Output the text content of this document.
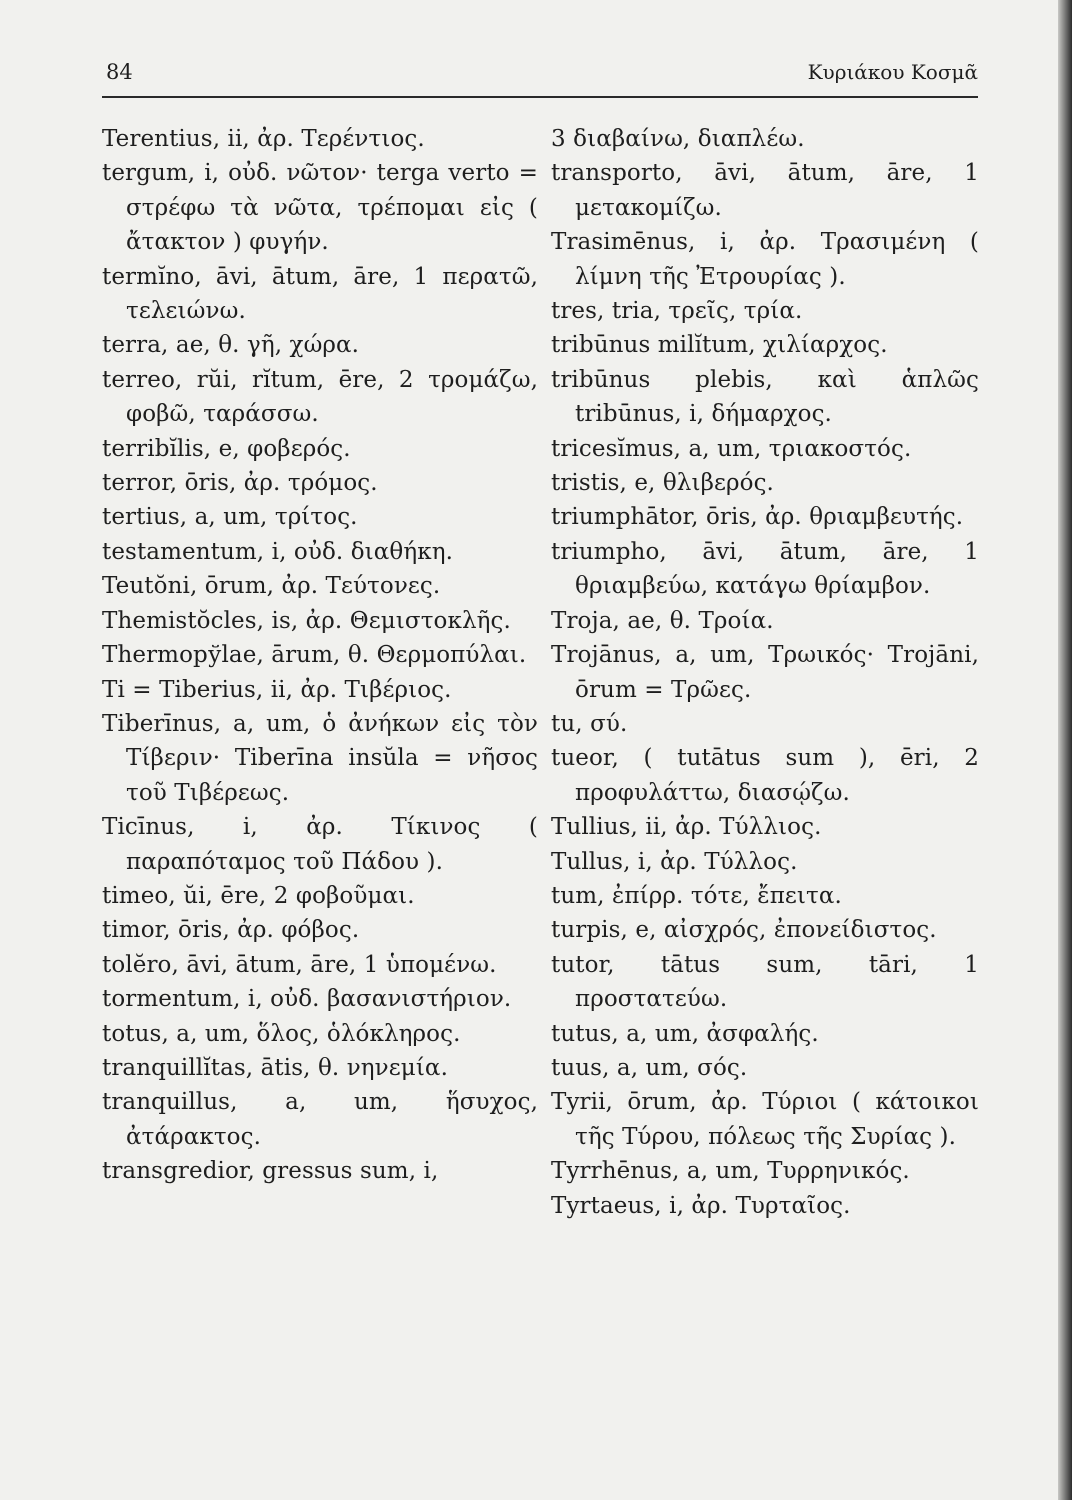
84	Κυριάκου Κοσμᾶ
Terentius, ii, ἀρ. Τερέντιος.
tergum, i, οὐδ. νῶτον· terga verto = στρέφω τὰ νῶτα, τρέπομαι εἰς ( ἄτακτον ) φυγήν.
termĭno, āvi, ātum, āre, 1 περατῶ, τελειώνω.
terra, ae, θ. γῆ, χώρα.
terreo, rŭi, rĭtum, ēre, 2 τρομάζω, φοβῶ, ταράσσω.
terribĭlis, e, φοβερός.
terror, ōris, ἀρ. τρόμος.
tertius, a, um, τρίτος.
testamentum, i, οὐδ. διαθήκη.
Teutŏni, ōrum, ἀρ. Τεύτονες.
Themistŏcles, is, ἀρ. Θεμιστοκλῆς.
Thermopўlae, ārum, θ. Θερμοπύλαι.
Ti = Tiberius, ii, ἀρ. Τιβέριος.
Tiberīnus, a, um, ὁ ἀνήκων εἰς τὸν Τίβεριν· Tiberīna insŭla = νῆσος τοῦ Τιβέρεως.
Ticīnus, i, ἀρ. Τίκινος ( παραπόταμος τοῦ Πάδου ).
timeo, ŭi, ēre, 2 φοβοῦμαι.
timor, ōris, ἀρ. φόβος.
tolĕro, āvi, ātum, āre, 1 ὑπομένω.
tormentum, i, οὐδ. βασανιστήριον.
totus, a, um, ὅλος, ὁλόκληρος.
tranquillĭtas, ātis, θ. νηνεμία.
tranquillus, a, um, ἥσυχος, ἀτάρακτος.
transgredior, gressus sum, i,
3 διαβαίνω, διαπλέω.
transporto, āvi, ātum, āre, 1 μετακομίζω.
Trasimēnus, i, ἀρ. Τρασιμένη ( λίμνη τῆς Ἐτρουρίας ).
tres, tria, τρεῖς, τρία.
tribūnus milĭtum, χιλίαρχος.
tribūnus plebis, καὶ ἁπλῶς tribūnus, i, δήμαρχος.
tricesĭmus, a, um, τριακοστός.
tristis, e, θλιβερός.
triumphātor, ōris, ἀρ. θριαμβευτής.
triumpho, āvi, ātum, āre, 1 θριαμβεύω, κατάγω θρίαμβον.
Troja, ae, θ. Τροία.
Trojānus, a, um, Τρωικός· Trojāni, ōrum = Τρῶες.
tu, σύ.
tueor, ( tutātus sum ), ēri, 2 προφυλάττω, διασῴζω.
Tullius, ii, ἀρ. Τύλλιος.
Tullus, i, ἀρ. Τύλλος.
tum, ἐπίρρ. τότε, ἔπειτα.
turpis, e, αἰσχρός, ἐπονείδιστος.
tutor, tātus sum, tāri, 1 προστατεύω.
tutus, a, um, ἀσφαλής.
tuus, a, um, σός.
Tyrii, ōrum, ἀρ. Τύριοι ( κάτοικοι τῆς Τύρου, πόλεως τῆς Συρίας ).
Tyrrhēnus, a, um, Τυρρηνικός.
Tyrtaeus, i, ἀρ. Τυρταῖος.
